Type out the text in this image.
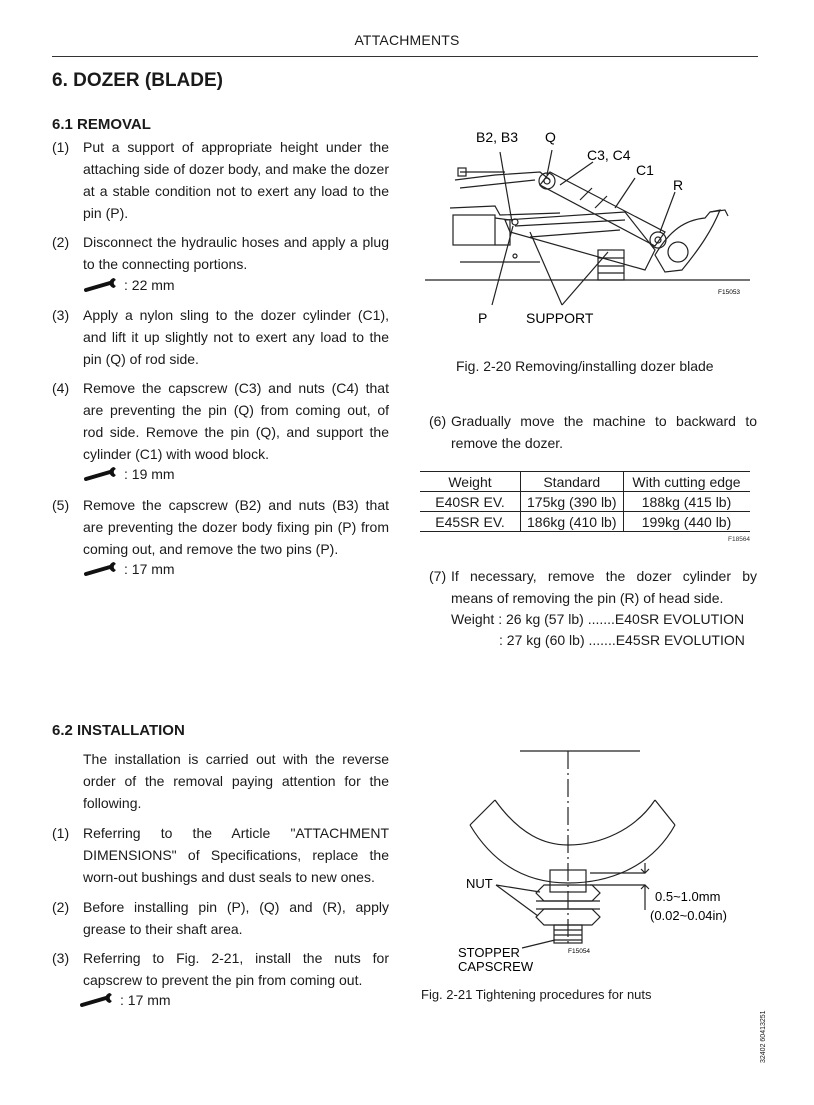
ATTACHMENTS
6. DOZER (BLADE)
6.1 REMOVAL
(1) Put a support of appropriate height under the attaching side of dozer body, and make the dozer at a stable condition not to exert any load to the pin (P).
(2) Disconnect the hydraulic hoses and apply a plug to the connecting portions.
: 22 mm
(3) Apply a nylon sling to the dozer cylinder (C1), and lift it up slightly not to exert any load to the pin (Q) of rod side.
(4) Remove the capscrew (C3) and nuts (C4) that are preventing the pin (Q) from coming out, of rod side. Remove the pin (Q), and support the cylinder (C1) with wood block.
: 19 mm
(5) Remove the capscrew (B2) and nuts (B3) that are preventing the dozer body fixing pin (P) from coming out, and remove the two pins (P).
: 17 mm
B2, B3 Q
C3, C4
C1
R
P	SUPPORT
F15053
Fig. 2-20 Removing/installing dozer blade
(6) Gradually move the machine to backward to remove the dozer.
Weight	Standard	With cutting edge
E40SR EV.	175kg (390 lb)	188kg (415 lb)
E45SR EV.	186kg (410 lb)	199kg (440 lb)
F18564
(7) If necessary, remove the dozer cylinder by means of removing the pin (R) of head side.
Weight : 26 kg (57 lb) .......E40SR EVOLUTION
: 27 kg (60 lb) .......E45SR EVOLUTION
6.2 INSTALLATION
The installation is carried out with the reverse order of the removal paying attention for the following.
(1) Referring to the Article "ATTACHMENT DIMENSIONS" of Specifications, replace the worn-out bushings and dust seals to new ones.
(2) Before installing pin (P), (Q) and (R), apply grease to their shaft area.
(3) Referring to Fig. 2-21, install the nuts for capscrew to prevent the pin from coming out.
: 17 mm
NUT
0.5~1.0mm
(0.02~0.04in)
STOPPER
CAPSCREW
F15054
Fig. 2-21 Tightening procedures for nuts
32402 60413251
